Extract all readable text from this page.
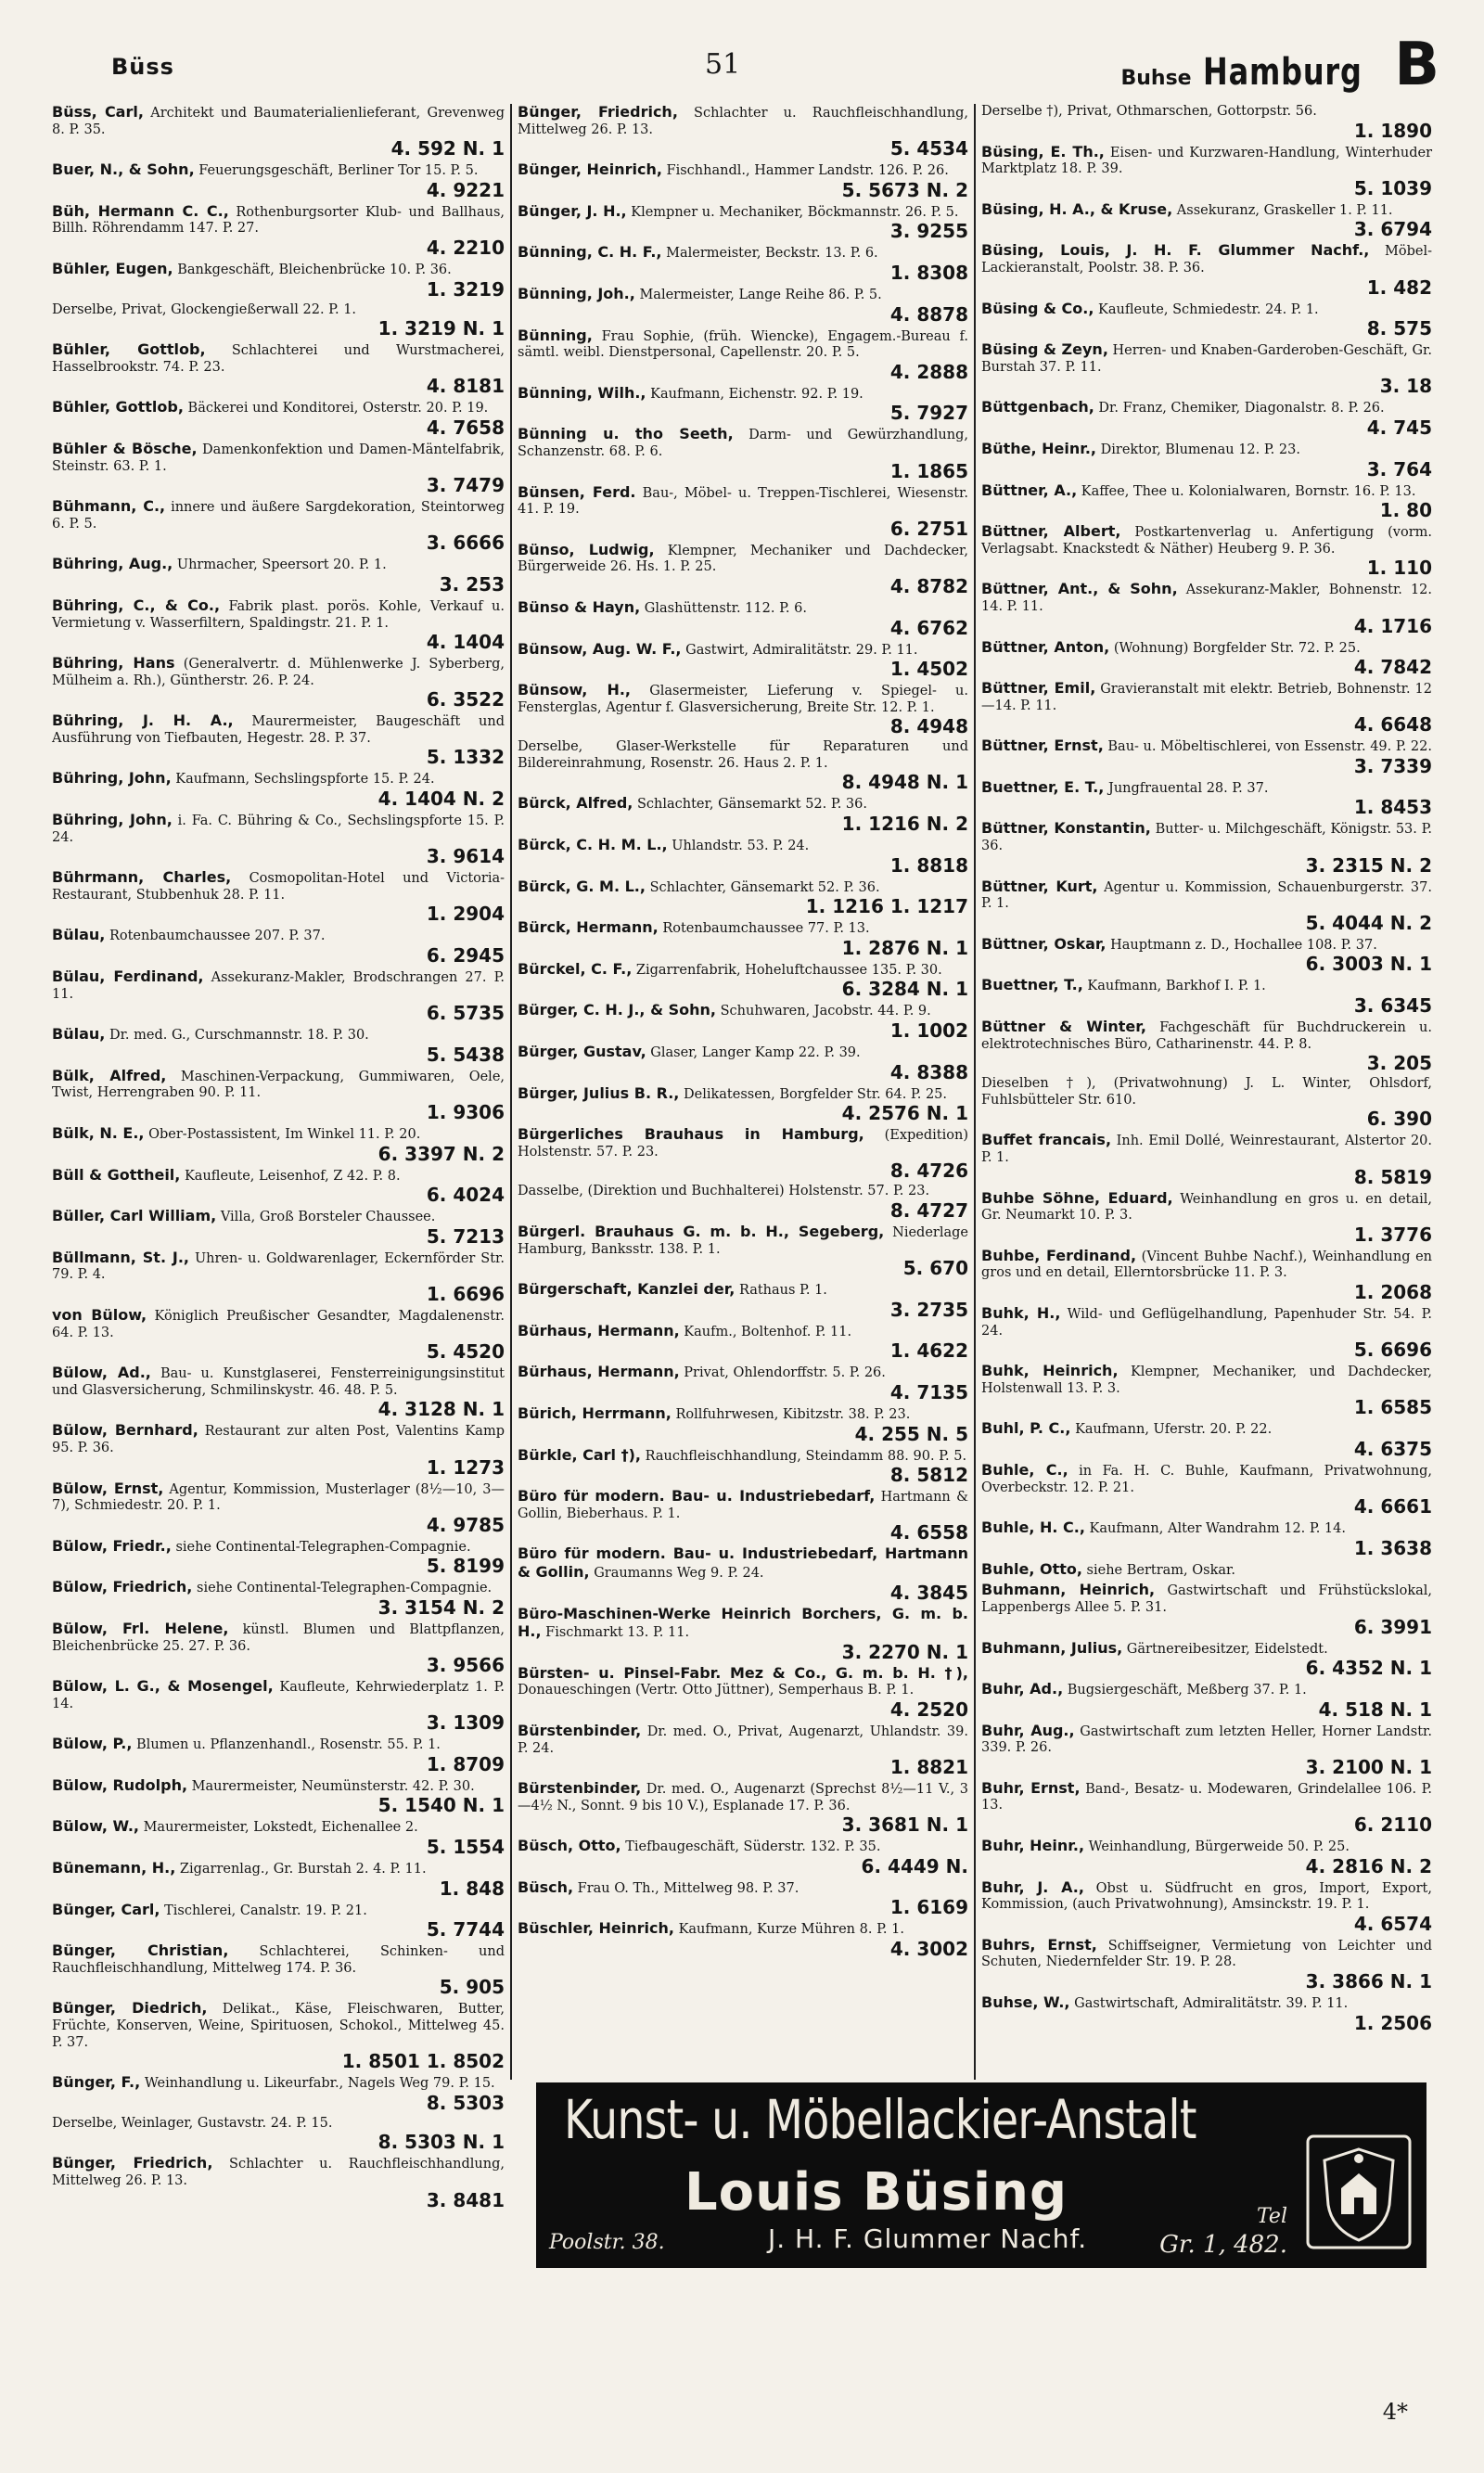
Büss	51	Buhse Hamburg B
Büss, Carl, Architekt und Baumaterialienlieferant, Grevenweg 8. P. 35.
4. 592 N. 1
Buer, N., & Sohn, Feuerungsgeschäft, Berliner Tor 15. P. 5.
4. 9221
Büh, Hermann C. C., Rothenburgsorter Klub- und Ballhaus, Billh. Röhrendamm 147. P. 27.
4. 2210
Bühler, Eugen, Bankgeschäft, Bleichenbrücke 10. P. 36.
1. 3219
Derselbe, Privat, Glockengießerwall 22. P. 1.
1. 3219 N. 1
Bühler, Gottlob, Schlachterei und Wurstmacherei, Hasselbrookstr. 74. P. 23.
4. 8181
Bühler, Gottlob, Bäckerei und Konditorei, Osterstr. 20. P. 19.
4. 7658
Bühler & Bösche, Damenkonfektion und Damen-Mäntelfabrik, Steinstr. 63. P. 1.
3. 7479
Bühmann, C., innere und äußere Sargdekoration, Steintorweg 6. P. 5.
3. 6666
Bühring, Aug., Uhrmacher, Speersort 20. P. 1.
3. 253
Bühring, C., & Co., Fabrik plast. porös. Kohle, Verkauf u. Vermietung v. Wasserfiltern, Spaldingstr. 21. P. 1.
4. 1404
Bühring, Hans (Generalvertr. d. Mühlenwerke J. Syberberg, Mülheim a. Rh.), Güntherstr. 26. P. 24.
6. 3522
Bühring, J. H. A., Maurermeister, Baugeschäft und Ausführung von Tiefbauten, Hegestr. 28. P. 37.
5. 1332
Bühring, John, Kaufmann, Sechslingspforte 15. P. 24.
4. 1404 N. 2
Bühring, John, i. Fa. C. Bühring & Co., Sechslingspforte 15. P. 24.
3. 9614
Bührmann, Charles, Cosmopolitan-Hotel und Victoria-Restaurant, Stubbenhuk 28. P. 11.
1. 2904
Bülau, Rotenbaumchaussee 207. P. 37.
6. 2945
Bülau, Ferdinand, Assekuranz-Makler, Brodschrangen 27. P. 11.
6. 5735
Bülau, Dr. med. G., Curschmannstr. 18. P. 30.
5. 5438
Bülk, Alfred, Maschinen-Verpackung, Gummiwaren, Oele, Twist, Herrengraben 90. P. 11.
1. 9306
Bülk, N. E., Ober-Postassistent, Im Winkel 11. P. 20.
6. 3397 N. 2
Büll & Gottheil, Kaufleute, Leisenhof, Z 42. P. 8.
6. 4024
Büller, Carl William, Villa, Groß Borsteler Chaussee.
5. 7213
Büllmann, St. J., Uhren- u. Goldwarenlager, Eckernförder Str. 79. P. 4.
1. 6696
von Bülow, Königlich Preußischer Gesandter, Magdalenenstr. 64. P. 13.
5. 4520
Bülow, Ad., Bau- u. Kunstglaserei, Fensterreinigungsinstitut und Glasversicherung, Schmilinskystr. 46. 48. P. 5.
4. 3128 N. 1
Bülow, Bernhard, Restaurant zur alten Post, Valentins Kamp 95. P. 36.
1. 1273
Bülow, Ernst, Agentur, Kommission, Musterlager (8½—10, 3—7), Schmiedestr. 20. P. 1.
4. 9785
Bülow, Friedr., siehe Continental-Telegraphen-Compagnie.
5. 8199
Bülow, Friedrich, siehe Continental-Telegraphen-Compagnie.
3. 3154 N. 2
Bülow, Frl. Helene, künstl. Blumen und Blattpflanzen, Bleichenbrücke 25. 27. P. 36.
3. 9566
Bülow, L. G., & Mosengel, Kaufleute, Kehrwiederplatz 1. P. 14.
3. 1309
Bülow, P., Blumen u. Pflanzenhandl., Rosenstr. 55. P. 1.
1. 8709
Bülow, Rudolph, Maurermeister, Neumünsterstr. 42. P. 30.
5. 1540 N. 1
Bülow, W., Maurermeister, Lokstedt, Eichenallee 2.
5. 1554
Bünemann, H., Zigarrenlag., Gr. Burstah 2. 4. P. 11.
1. 848
Bünger, Carl, Tischlerei, Canalstr. 19. P. 21.
5. 7744
Bünger, Christian, Schlachterei, Schinken- und Rauchfleischhandlung, Mittelweg 174. P. 36.
5. 905
Bünger, Diedrich, Delikat., Käse, Fleischwaren, Butter, Früchte, Konserven, Weine, Spirituosen, Schokol., Mittelweg 45. P. 37.
1. 8501 1. 8502
Bünger, F., Weinhandlung u. Likeurfabr., Nagels Weg 79. P. 15.
8. 5303
Derselbe, Weinlager, Gustavstr. 24. P. 15.
8. 5303 N. 1
Bünger, Friedrich, Schlachter u. Rauchfleischhandlung, Mittelweg 26. P. 13.
3. 8481
Bünger, Friedrich, Schlachter u. Rauchfleischhandlung, Mittelweg 26. P. 13.
5. 4534
Bünger, Heinrich, Fischhandl., Hammer Landstr. 126. P. 26.
5. 5673 N. 2
Bünger, J. H., Klempner u. Mechaniker, Böckmannstr. 26. P. 5.
3. 9255
Bünning, C. H. F., Malermeister, Beckstr. 13. P. 6.
1. 8308
Bünning, Joh., Malermeister, Lange Reihe 86. P. 5.
4. 8878
Bünning, Frau Sophie, (früh. Wiencke), Engagem.-Bureau f. sämtl. weibl. Dienstpersonal, Capellenstr. 20. P. 5.
4. 2888
Bünning, Wilh., Kaufmann, Eichenstr. 92. P. 19.
5. 7927
Bünning u. tho Seeth, Darm- und Gewürzhandlung, Schanzenstr. 68. P. 6.
1. 1865
Bünsen, Ferd. Bau-, Möbel- u. Treppen-Tischlerei, Wiesenstr. 41. P. 19.
6. 2751
Bünso, Ludwig, Klempner, Mechaniker und Dachdecker, Bürgerweide 26. Hs. 1. P. 25.
4. 8782
Bünso & Hayn, Glashüttenstr. 112. P. 6.
4. 6762
Bünsow, Aug. W. F., Gastwirt, Admiralitätstr. 29. P. 11.
1. 4502
Bünsow, H., Glasermeister, Lieferung v. Spiegel- u. Fensterglas, Agentur f. Glasversicherung, Breite Str. 12. P. 1.
8. 4948
Derselbe, Glaser-Werkstelle für Reparaturen und Bildereinrahmung, Rosenstr. 26. Haus 2. P. 1.
8. 4948 N. 1
Bürck, Alfred, Schlachter, Gänsemarkt 52. P. 36.
1. 1216 N. 2
Bürck, C. H. M. L., Uhlandstr. 53. P. 24.
1. 8818
Bürck, G. M. L., Schlachter, Gänsemarkt 52. P. 36.
1. 1216 1. 1217
Bürck, Hermann, Rotenbaumchaussee 77. P. 13.
1. 2876 N. 1
Bürckel, C. F., Zigarrenfabrik, Hoheluftchaussee 135. P. 30.
6. 3284 N. 1
Bürger, C. H. J., & Sohn, Schuhwaren, Jacobstr. 44. P. 9.
1. 1002
Bürger, Gustav, Glaser, Langer Kamp 22. P. 39.
4. 8388
Bürger, Julius B. R., Delikatessen, Borgfelder Str. 64. P. 25.
4. 2576 N. 1
Bürgerliches Brauhaus in Hamburg, (Expedition) Holstenstr. 57. P. 23.
8. 4726
Dasselbe, (Direktion und Buchhalterei) Holstenstr. 57. P. 23.
8. 4727
Bürgerl. Brauhaus G. m. b. H., Segeberg, Niederlage Hamburg, Banksstr. 138. P. 1.
5. 670
Bürgerschaft, Kanzlei der, Rathaus P. 1.
3. 2735
Bürhaus, Hermann, Kaufm., Boltenhof. P. 11.
1. 4622
Bürhaus, Hermann, Privat, Ohlendorffstr. 5. P. 26.
4. 7135
Bürich, Herrmann, Rollfuhrwesen, Kibitzstr. 38. P. 23.
4. 255 N. 5
Bürkle, Carl †), Rauchfleischhandlung, Steindamm 88. 90. P. 5.
8. 5812
Büro für modern. Bau- u. Industriebedarf, Hartmann & Gollin, Bieberhaus. P. 1.
4. 6558
Büro für modern. Bau- u. Industriebedarf, Hartmann & Gollin, Graumanns Weg 9. P. 24.
4. 3845
Büro-Maschinen-Werke Heinrich Borchers, G. m. b. H., Fischmarkt 13. P. 11.
3. 2270 N. 1
Bürsten- u. Pinsel-Fabr. Mez & Co., G. m. b. H. †), Donaueschingen (Vertr. Otto Jüttner), Semperhaus B. P. 1.
4. 2520
Bürstenbinder, Dr. med. O., Privat, Augenarzt, Uhlandstr. 39. P. 24.
1. 8821
Bürstenbinder, Dr. med. O., Augenarzt (Sprechst 8½—11 V., 3—4½ N., Sonnt. 9 bis 10 V.), Esplanade 17. P. 36.
3. 3681 N. 1
Büsch, Otto, Tiefbaugeschäft, Süderstr. 132. P. 35.
6. 4449 N.
Büsch, Frau O. Th., Mittelweg 98. P. 37.
1. 6169
Büschler, Heinrich, Kaufmann, Kurze Mühren 8. P. 1.
4. 3002
Derselbe †), Privat, Othmarschen, Gottorpstr. 56.
1. 1890
Büsing, E. Th., Eisen- und Kurzwaren-Handlung, Winterhuder Marktplatz 18. P. 39.
5. 1039
Büsing, H. A., & Kruse, Assekuranz, Graskeller 1. P. 11.
3. 6794
Büsing, Louis, J. H. F. Glummer Nachf., Möbel-Lackieranstalt, Poolstr. 38. P. 36.
1. 482
Büsing & Co., Kaufleute, Schmiedestr. 24. P. 1.
8. 575
Büsing & Zeyn, Herren- und Knaben-Garderoben-Geschäft, Gr. Burstah 37. P. 11.
3. 18
Büttgenbach, Dr. Franz, Chemiker, Diagonalstr. 8. P. 26.
4. 745
Büthe, Heinr., Direktor, Blumenau 12. P. 23.
3. 764
Büttner, A., Kaffee, Thee u. Kolonialwaren, Bornstr. 16. P. 13.
1. 80
Büttner, Albert, Postkartenverlag u. Anfertigung (vorm. Verlagsabt. Knackstedt & Näther) Heuberg 9. P. 36.
1. 110
Büttner, Ant., & Sohn, Assekuranz-Makler, Bohnenstr. 12. 14. P. 11.
4. 1716
Büttner, Anton, (Wohnung) Borgfelder Str. 72. P. 25.
4. 7842
Büttner, Emil, Gravieranstalt mit elektr. Betrieb, Bohnenstr. 12—14. P. 11.
4. 6648
Büttner, Ernst, Bau- u. Möbeltischlerei, von Essenstr. 49. P. 22.
3. 7339
Buettner, E. T., Jungfrauental 28. P. 37.
1. 8453
Büttner, Konstantin, Butter- u. Milchgeschäft, Königstr. 53. P. 36.
3. 2315 N. 2
Büttner, Kurt, Agentur u. Kommission, Schauenburgerstr. 37. P. 1.
5. 4044 N. 2
Büttner, Oskar, Hauptmann z. D., Hochallee 108. P. 37.
6. 3003 N. 1
Buettner, T., Kaufmann, Barkhof I. P. 1.
3. 6345
Büttner & Winter, Fachgeschäft für Buchdruckerein u. elektrotechnisches Büro, Catharinenstr. 44. P. 8.
3. 205
Dieselben †), (Privatwohnung) J. L. Winter, Ohlsdorf, Fuhlsbütteler Str. 610.
6. 390
Buffet francais, Inh. Emil Dollé, Weinrestaurant, Alstertor 20. P. 1.
8. 5819
Buhbe Söhne, Eduard, Weinhandlung en gros u. en detail, Gr. Neumarkt 10. P. 3.
1. 3776
Buhbe, Ferdinand, (Vincent Buhbe Nachf.), Weinhandlung en gros und en detail, Ellerntorsbrücke 11. P. 3.
1. 2068
Buhk, H., Wild- und Geflügelhandlung, Papenhuder Str. 54. P. 24.
5. 6696
Buhk, Heinrich, Klempner, Mechaniker, und Dachdecker, Holstenwall 13. P. 3.
1. 6585
Buhl, P. C., Kaufmann, Uferstr. 20. P. 22.
4. 6375
Buhle, C., in Fa. H. C. Buhle, Kaufmann, Privatwohnung, Overbeckstr. 12. P. 21.
4. 6661
Buhle, H. C., Kaufmann, Alter Wandrahm 12. P. 14.
1. 3638
Buhle, Otto, siehe Bertram, Oskar.
Buhmann, Heinrich, Gastwirtschaft und Frühstückslokal, Lappenbergs Allee 5. P. 31.
6. 3991
Buhmann, Julius, Gärtnereibesitzer, Eidelstedt.
6. 4352 N. 1
Buhr, Ad., Bugsiergeschäft, Meßberg 37. P. 1.
4. 518 N. 1
Buhr, Aug., Gastwirtschaft zum letzten Heller, Horner Landstr. 339. P. 26.
3. 2100 N. 1
Buhr, Ernst, Band-, Besatz- u. Modewaren, Grindelallee 106. P. 13.
6. 2110
Buhr, Heinr., Weinhandlung, Bürgerweide 50. P. 25.
4. 2816 N. 2
Buhr, J. A., Obst u. Südfrucht en gros, Import, Export, Kommission, (auch Privatwohnung), Amsinckstr. 19. P. 1.
4. 6574
Buhrs, Ernst, Schiffseigner, Vermietung von Leichter und Schuten, Niedernfelder Str. 19. P. 28.
3. 3866 N. 1
Buhse, W., Gastwirtschaft, Admiralitätstr. 39. P. 11.
1. 2506
Kunst- u. Möbellackier-Anstalt
Louis Büsing
J. H. F. Glummer Nachf.
Poolstr. 38.
Tel
Gr. 1, 482.
4*
